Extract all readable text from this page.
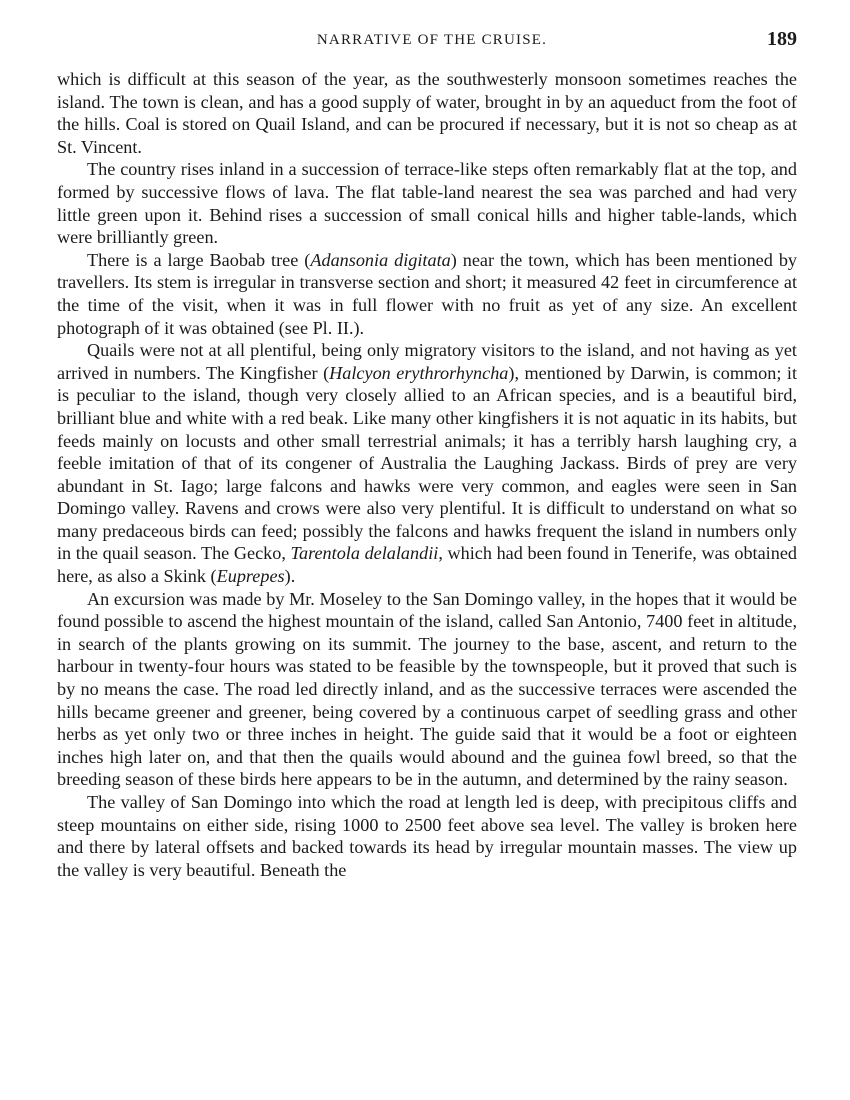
NARRATIVE OF THE CRUISE.	189

which is difficult at this season of the year, as the southwesterly monsoon sometimes reaches the island. The town is clean, and has a good supply of water, brought in by an aqueduct from the foot of the hills. Coal is stored on Quail Island, and can be procured if necessary, but it is not so cheap as at St. Vincent.

The country rises inland in a succession of terrace-like steps often remarkably flat at the top, and formed by successive flows of lava. The flat table-land nearest the sea was parched and had very little green upon it. Behind rises a succession of small conical hills and higher table-lands, which were brilliantly green.

There is a large Baobab tree (Adansonia digitata) near the town, which has been mentioned by travellers. Its stem is irregular in transverse section and short; it measured 42 feet in circumference at the time of the visit, when it was in full flower with no fruit as yet of any size. An excellent photograph of it was obtained (see Pl. II.).

Quails were not at all plentiful, being only migratory visitors to the island, and not having as yet arrived in numbers. The Kingfisher (Halcyon erythrorhyncha), mentioned by Darwin, is common; it is peculiar to the island, though very closely allied to an African species, and is a beautiful bird, brilliant blue and white with a red beak. Like many other kingfishers it is not aquatic in its habits, but feeds mainly on locusts and other small terrestrial animals; it has a terribly harsh laughing cry, a feeble imitation of that of its congener of Australia the Laughing Jackass. Birds of prey are very abundant in St. Iago; large falcons and hawks were very common, and eagles were seen in San Domingo valley. Ravens and crows were also very plentiful. It is difficult to understand on what so many predaceous birds can feed; possibly the falcons and hawks frequent the island in numbers only in the quail season. The Gecko, Tarentola delalandii, which had been found in Tenerife, was obtained here, as also a Skink (Euprepes).

An excursion was made by Mr. Moseley to the San Domingo valley, in the hopes that it would be found possible to ascend the highest mountain of the island, called San Antonio, 7400 feet in altitude, in search of the plants growing on its summit. The journey to the base, ascent, and return to the harbour in twenty-four hours was stated to be feasible by the townspeople, but it proved that such is by no means the case. The road led directly inland, and as the successive terraces were ascended the hills became greener and greener, being covered by a continuous carpet of seedling grass and other herbs as yet only two or three inches in height. The guide said that it would be a foot or eighteen inches high later on, and that then the quails would abound and the guinea fowl breed, so that the breeding season of these birds here appears to be in the autumn, and determined by the rainy season.

The valley of San Domingo into which the road at length led is deep, with precipitous cliffs and steep mountains on either side, rising 1000 to 2500 feet above sea level. The valley is broken here and there by lateral offsets and backed towards its head by irregular mountain masses. The view up the valley is very beautiful. Beneath the
